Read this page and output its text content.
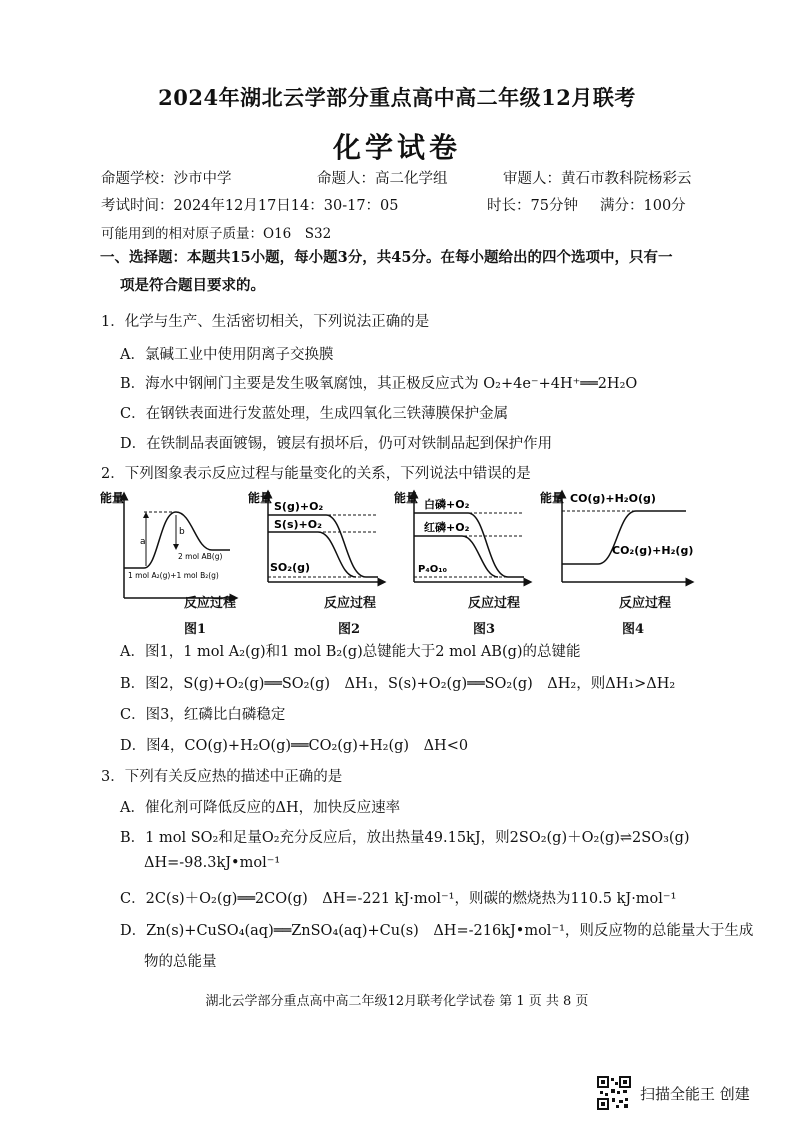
2024年湖北云学部分重点高中高二年级12月联考
化学试卷
命题学校：沙市中学	命题人：高二化学组	审题人：黄石市教科院杨彩云
考试时间：2024年12月17日14：30-17：05	时长：75分钟 满分：100分
可能用到的相对原子质量：O16　S32
一、选择题：本题共15小题，每小题3分，共45分。在每小题给出的四个选项中，只有一
项是符合题目要求的。
1．化学与生产、生活密切相关，下列说法正确的是
A．氯碱工业中使用阴离子交换膜
B．海水中钢闸门主要是发生吸氧腐蚀，其正极反应式为 O₂+4e⁻+4H⁺══2H₂O
C．在钢铁表面进行发蓝处理，生成四氧化三铁薄膜保护金属
D．在铁制品表面镀锡，镀层有损坏后，仍可对铁制品起到保护作用
2．下列图象表示反应过程与能量变化的关系，下列说法中错误的是
能量
a
b
2 mol AB(g)
1 mol A₂(g)+1 mol B₂(g)
能量
S(g)+O₂
S(s)+O₂
SO₂(g)
能量 白磷+O₂
红磷+O₂
P₄O₁₀
能量 CO(g)+H₂O(g)
CO₂(g)+H₂(g)
反应过程	反应过程	反应过程	反应过程
图1	图2	图3	图4
A．图1，1 mol A₂(g)和1 mol B₂(g)总键能大于2 mol AB(g)的总键能
B．图2，S(g)+O₂(g)══SO₂(g)　ΔH₁，S(s)+O₂(g)══SO₂(g)　ΔH₂，则ΔH₁>ΔH₂
C．图3，红磷比白磷稳定
D．图4，CO(g)+H₂O(g)══CO₂(g)+H₂(g)　ΔH<0
3．下列有关反应热的描述中正确的是
A．催化剂可降低反应的ΔH，加快反应速率
B．1 mol SO₂和足量O₂充分反应后，放出热量49.15kJ，则2SO₂(g)＋O₂(g)⇌2SO₃(g)
ΔH=-98.3kJ•mol⁻¹
C．2C(s)＋O₂(g)══2CO(g)　ΔH=-221 kJ·mol⁻¹，则碳的燃烧热为110.5 kJ·mol⁻¹
D．Zn(s)+CuSO₄(aq)══ZnSO₄(aq)+Cu(s)　ΔH=-216kJ•mol⁻¹，则反应物的总能量大于生成
物的总能量
湖北云学部分重点高中高二年级12月联考化学试卷 第 1 页 共 8 页
扫描全能王 创建
